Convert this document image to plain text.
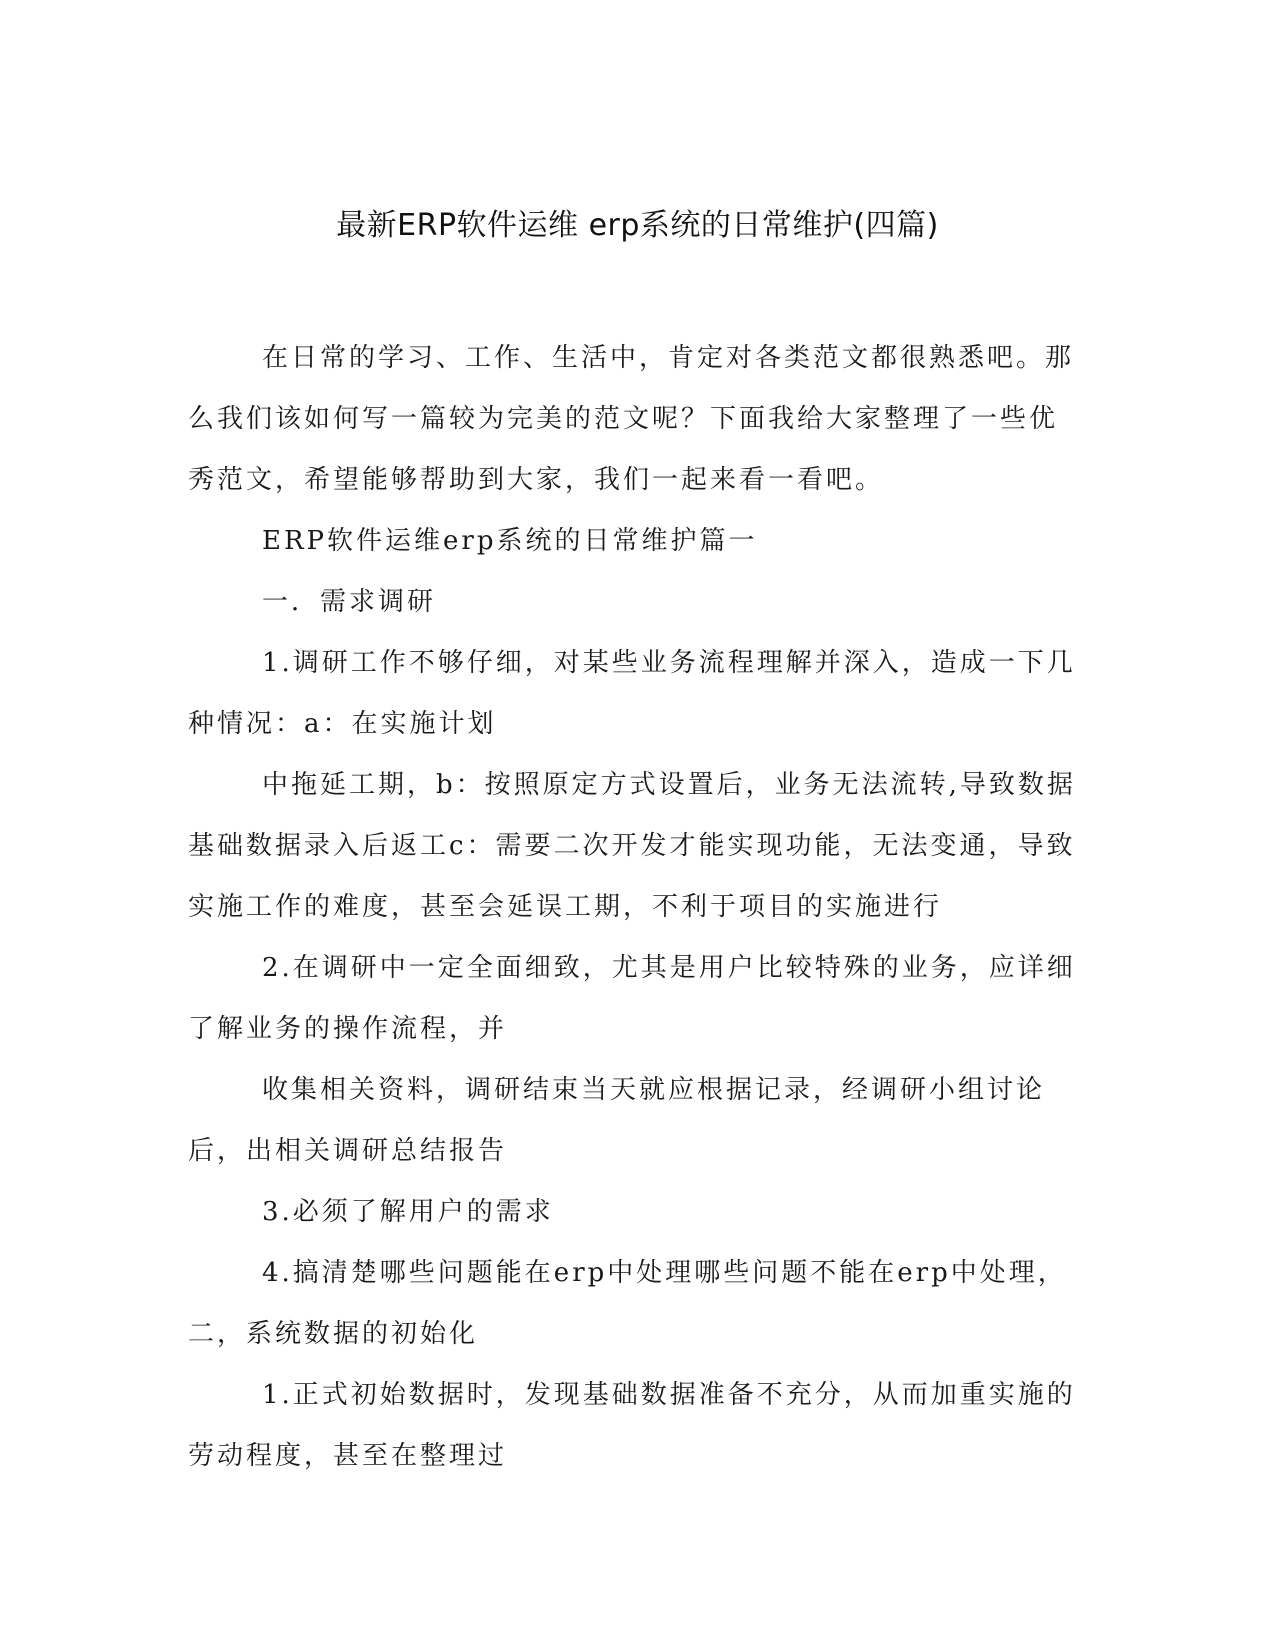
最新ERP软件运维 erp系统的日常维护(四篇)

在日常的学习、工作、生活中，肯定对各类范文都很熟悉吧。那么我们该如何写一篇较为完美的范文呢？下面我给大家整理了一些优秀范文，希望能够帮助到大家，我们一起来看一看吧。

ERP软件运维erp系统的日常维护篇一

一．需求调研

1.调研工作不够仔细，对某些业务流程理解并深入，造成一下几种情况：a：在实施计划

中拖延工期，b：按照原定方式设置后，业务无法流转,导致数据基础数据录入后返工c：需要二次开发才能实现功能，无法变通，导致实施工作的难度，甚至会延误工期，不利于项目的实施进行

2.在调研中一定全面细致，尤其是用户比较特殊的业务，应详细了解业务的操作流程，并

收集相关资料，调研结束当天就应根据记录，经调研小组讨论后，出相关调研总结报告

3.必须了解用户的需求

4.搞清楚哪些问题能在erp中处理哪些问题不能在erp中处理，二，系统数据的初始化

1.正式初始数据时，发现基础数据准备不充分，从而加重实施的劳动程度，甚至在整理过
